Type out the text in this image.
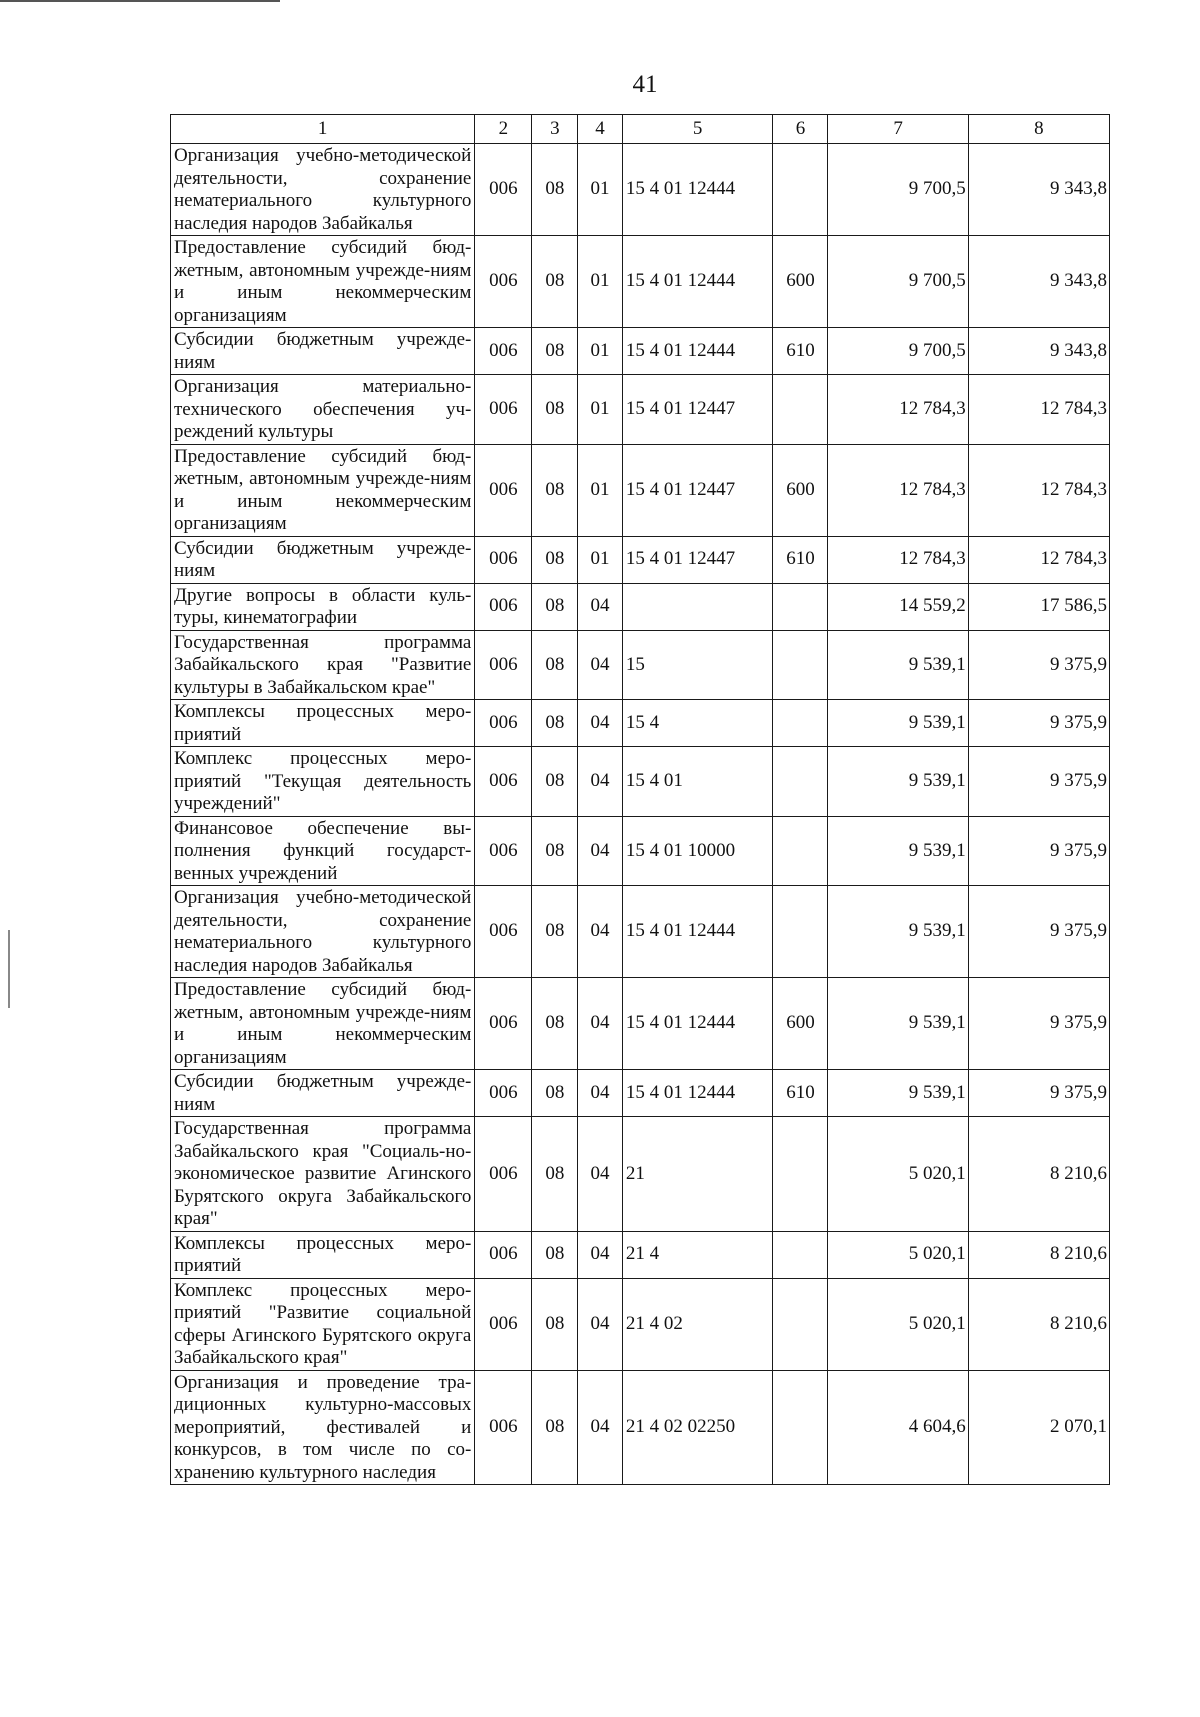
41
1	2	3	4	5	6	7	8
Организация учебно-методической деятельности, сохранение нематериального культурного наследия народов Забайкалья	006	08	01	15 4 01 12444		9 700,5	9 343,8
Предоставление субсидий бюд-жетным, автономным учрежде-ниям и иным некоммерческим организациям	006	08	01	15 4 01 12444	600	9 700,5	9 343,8
Субсидии бюджетным учрежде-ниям	006	08	01	15 4 01 12444	610	9 700,5	9 343,8
Организация материально-технического обеспечения уч-реждений культуры	006	08	01	15 4 01 12447		12 784,3	12 784,3
Предоставление субсидий бюд-жетным, автономным учрежде-ниям и иным некоммерческим организациям	006	08	01	15 4 01 12447	600	12 784,3	12 784,3
Субсидии бюджетным учрежде-ниям	006	08	01	15 4 01 12447	610	12 784,3	12 784,3
Другие вопросы в области куль-туры, кинематографии	006	08	04			14 559,2	17 586,5
Государственная программа Забайкальского края "Развитие культуры в Забайкальском крае"	006	08	04	15		9 539,1	9 375,9
Комплексы процессных меро-приятий	006	08	04	15 4		9 539,1	9 375,9
Комплекс процессных меро-приятий "Текущая деятельность учреждений"	006	08	04	15 4 01		9 539,1	9 375,9
Финансовое обеспечение вы-полнения функций государст-венных учреждений	006	08	04	15 4 01 10000		9 539,1	9 375,9
Организация учебно-методической деятельности, сохранение нематериального культурного наследия народов Забайкалья	006	08	04	15 4 01 12444		9 539,1	9 375,9
Предоставление субсидий бюд-жетным, автономным учрежде-ниям и иным некоммерческим организациям	006	08	04	15 4 01 12444	600	9 539,1	9 375,9
Субсидии бюджетным учрежде-ниям	006	08	04	15 4 01 12444	610	9 539,1	9 375,9
Государственная программа Забайкальского края "Социаль-но-экономическое развитие Агинского Бурятского округа Забайкальского края"	006	08	04	21		5 020,1	8 210,6
Комплексы процессных меро-приятий	006	08	04	21 4		5 020,1	8 210,6
Комплекс процессных меро-приятий "Развитие социальной сферы Агинского Бурятского округа Забайкальского края"	006	08	04	21 4 02		5 020,1	8 210,6
Организация и проведение тра-диционных культурно-массовых мероприятий, фестивалей и конкурсов, в том числе по со-хранению культурного наследия	006	08	04	21 4 02 02250		4 604,6	2 070,1
